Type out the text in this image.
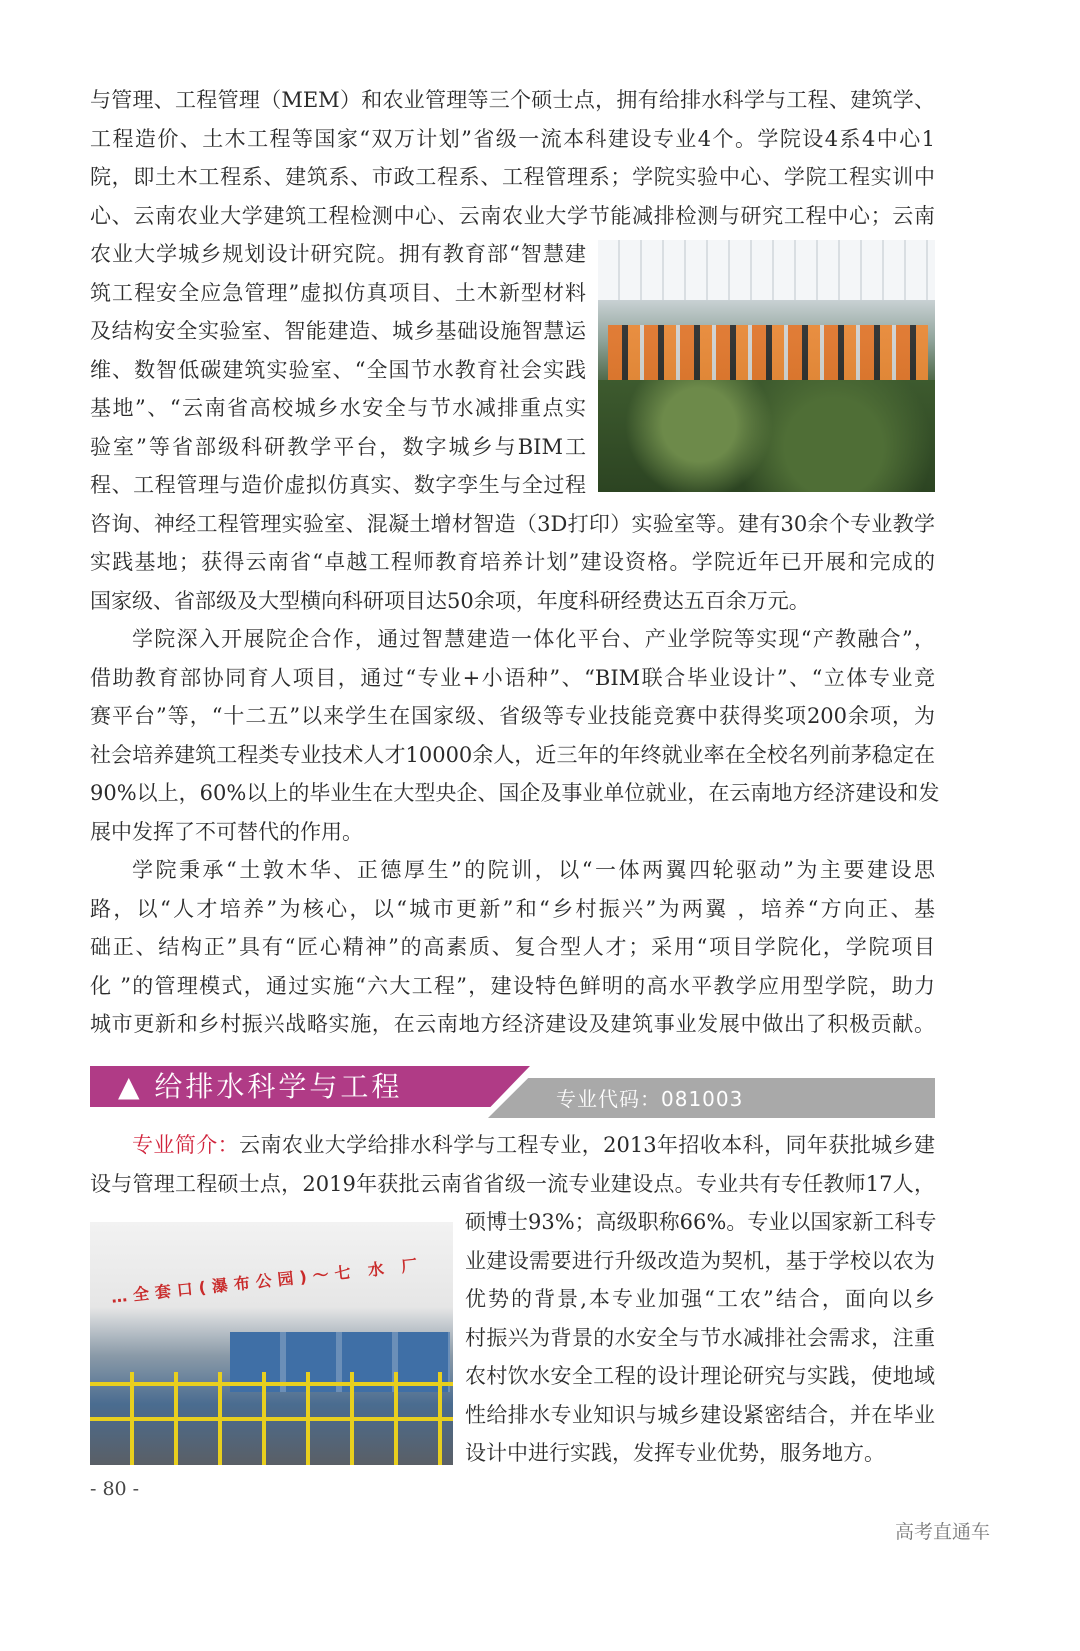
与管理、工程管理（MEM）和农业管理等三个硕士点，拥有给排水科学与工程、建筑学、
工程造价、土木工程等国家“双万计划”省级一流本科建设专业4个。学院设4系4中心1
院，即土木工程系、建筑系、市政工程系、工程管理系；学院实验中心、学院工程实训中
心、云南农业大学建筑工程检测中心、云南农业大学节能减排检测与研究工程中心；云南
农业大学城乡规划设计研究院。拥有教育部“智慧建
筑工程安全应急管理”虚拟仿真项目、土木新型材料
及结构安全实验室、智能建造、城乡基础设施智慧运
维、数智低碳建筑实验室、“全国节水教育社会实践
基地”、“云南省高校城乡水安全与节水减排重点实
验室”等省部级科研教学平台，数字城乡与BIM工
程、工程管理与造价虚拟仿真实、数字孪生与全过程
咨询、神经工程管理实验室、混凝土增材智造（3D打印）实验室等。建有30余个专业教学
实践基地；获得云南省“卓越工程师教育培养计划”建设资格。学院近年已开展和完成的
国家级、省部级及大型横向科研项目达50余项，年度科研经费达五百余万元。
学院深入开展院企合作，通过智慧建造一体化平台、产业学院等实现“产教融合”，
借助教育部协同育人项目，通过“专业+小语种”、“BIM联合毕业设计”、“立体专业竞
赛平台”等，“十二五”以来学生在国家级、省级等专业技能竞赛中获得奖项200余项，为
社会培养建筑工程类专业技术人才10000余人，近三年的年终就业率在全校名列前茅稳定在
90%以上，60%以上的毕业生在大型央企、国企及事业单位就业，在云南地方经济建设和发
展中发挥了不可替代的作用。
学院秉承“土敦木华、正德厚生”的院训，以“一体两翼四轮驱动”为主要建设思
路，以“人才培养”为核心，以“城市更新”和“乡村振兴”为两翼 ，培养“方向正、基
础正、结构正”具有“匠心精神”的高素质、复合型人才；采用“项目学院化，学院项目
化 ”的管理模式，通过实施“六大工程”，建设特色鲜明的高水平教学应用型学院，助力
城市更新和乡村振兴战略实施，在云南地方经济建设及建筑事业发展中做出了积极贡献。
▲ 给排水科学与工程	专业代码：081003
专业简介：云南农业大学给排水科学与工程专业，2013年招收本科，同年获批城乡建
设与管理工程硕士点，2019年获批云南省省级一流专业建设点。专业共有专任教师17人，
硕博士93%；高级职称66%。专业以国家新工科专
业建设需要进行升级改造为契机，基于学校以农为
优势的背景,本专业加强“工农”结合，面向以乡
村振兴为背景的水安全与节水减排社会需求，注重
农村饮水安全工程的设计理论研究与实践，使地域
性给排水专业知识与城乡建设紧密结合，并在毕业
设计中进行实践，发挥专业优势，服务地方。
…全套口(瀑布公园)～七 水 厂
- 80 -
高考直通车
